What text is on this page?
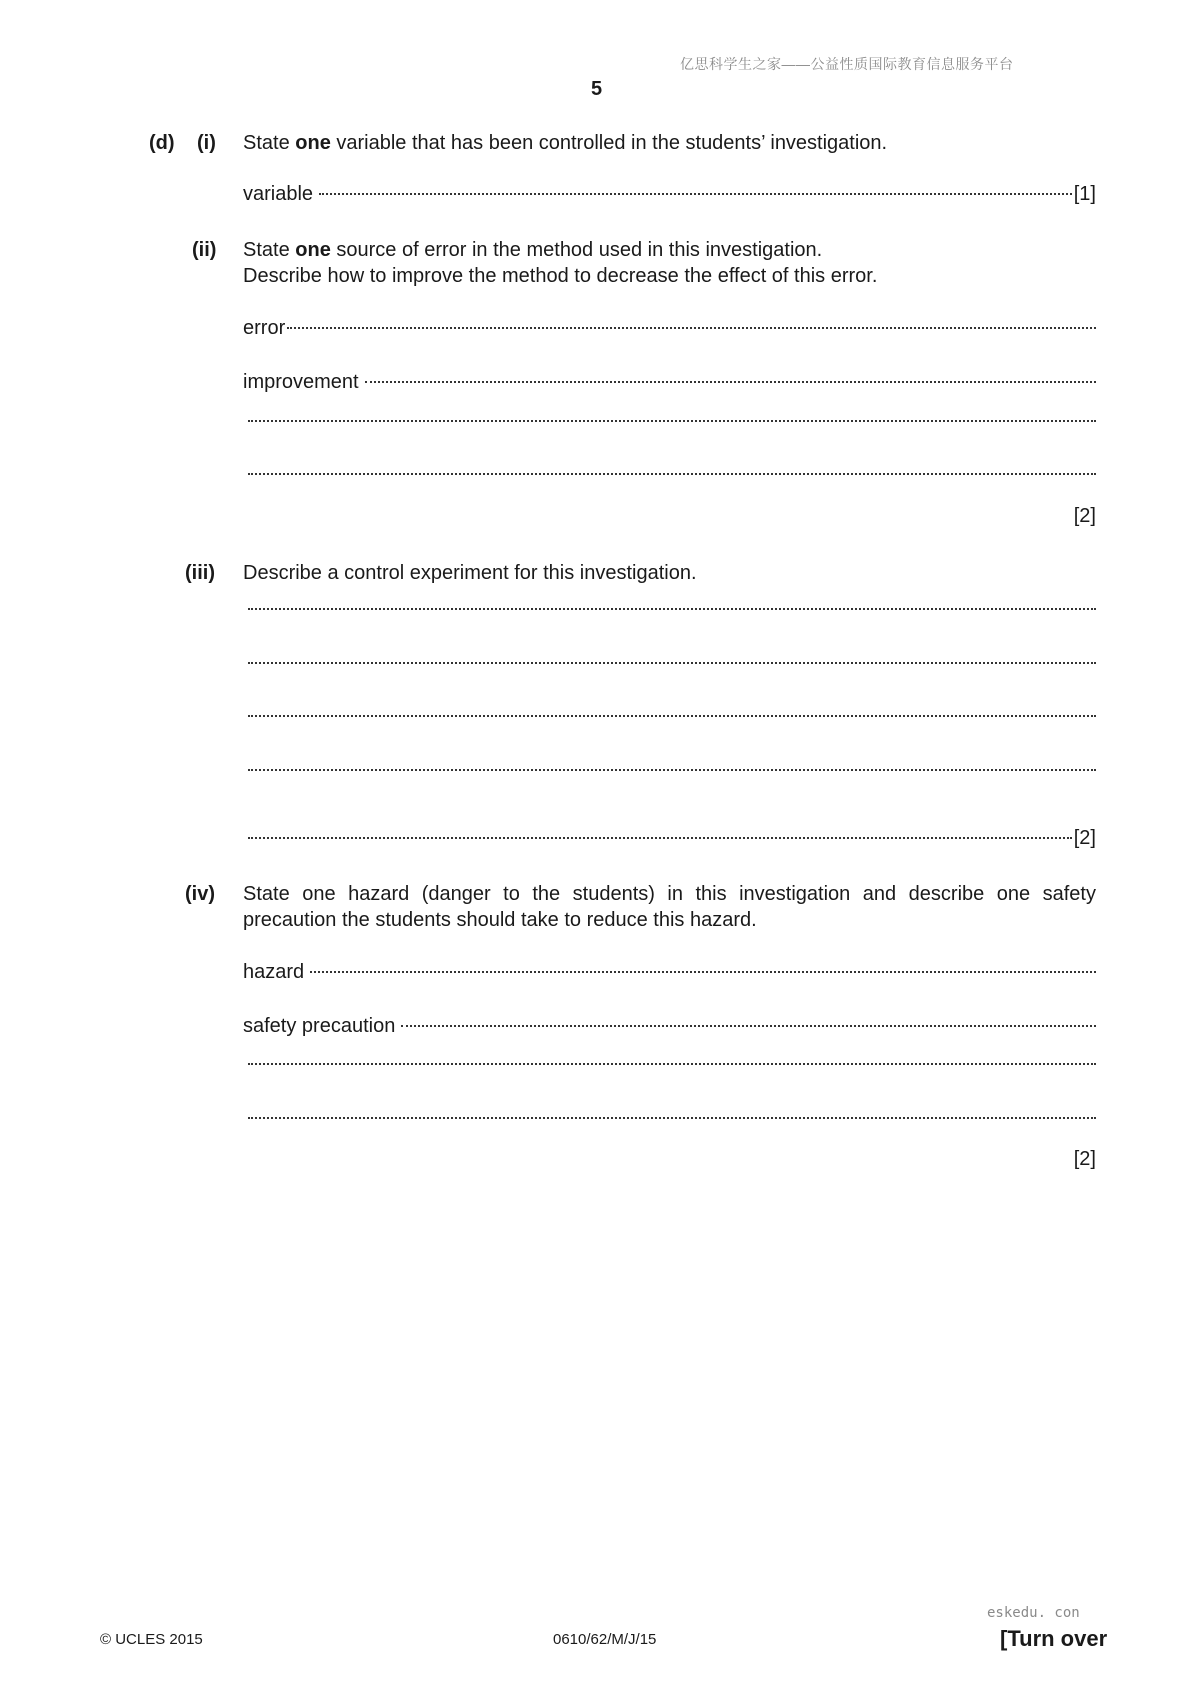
亿思科学生之家——公益性质国际教育信息服务平台
5
(d) (i) State one variable that has been controlled in the students’ investigation.
variable	[1]
(ii) State one source of error in the method used in this investigation.
Describe how to improve the method to decrease the effect of this error.
error
improvement
[2]
(iii) Describe a control experiment for this investigation.
[2]
(iv) State one hazard (danger to the students) in this investigation and describe one safety
precaution the students should take to reduce this hazard.
hazard
safety precaution
[2]
eskedu. con
© UCLES 2015	0610/62/M/J/15	[Turn over
